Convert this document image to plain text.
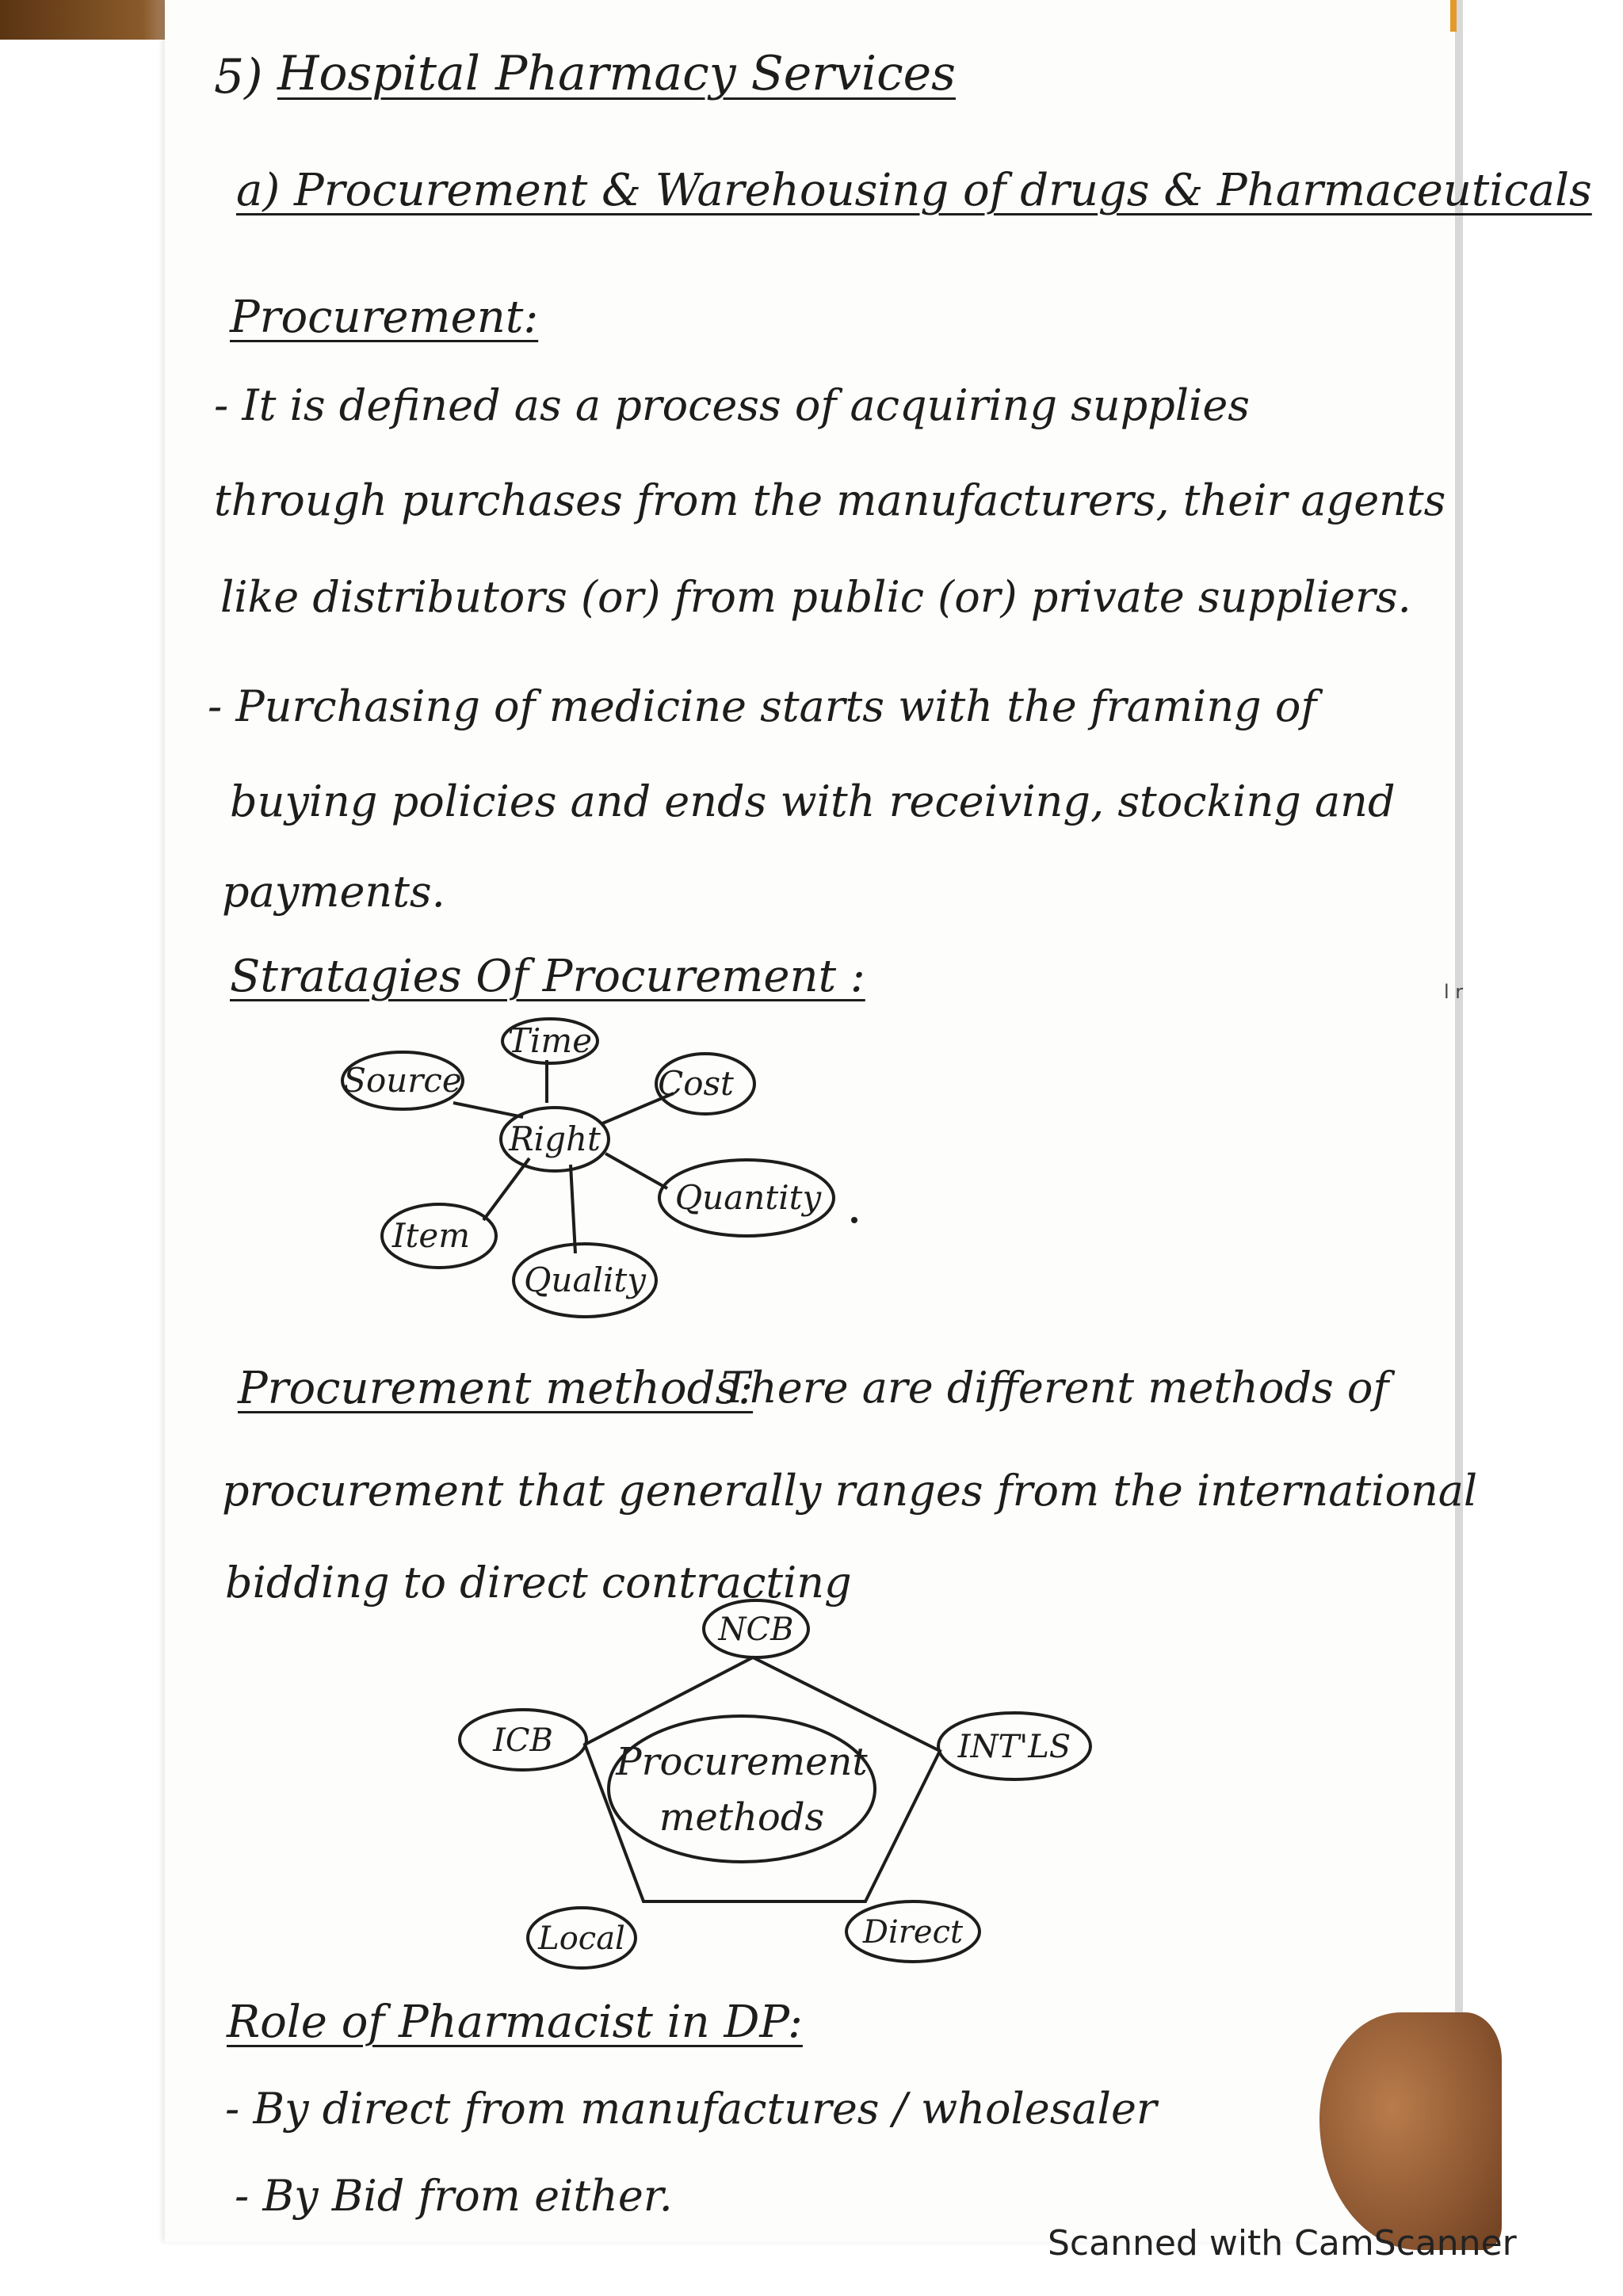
l r
5) Hospital Pharmacy Services
a) Procurement & Warehousing of drugs & Pharmaceuticals
Procurement:
- It is defined as a process of acquiring supplies
through purchases from the manufacturers, their agents
like distributors (or) from public (or) private suppliers.
- Purchasing of medicine starts with the framing of
buying policies and ends with receiving, stocking and
payments.
Stratagies Of Procurement :
Time
Source	Cost
Right
Quantity
Item
Quality
Procurement methods:
There are different methods of
procurement that generally ranges from the international
bidding to direct contracting
NCB
ICB	INT'LS
Local	Direct
Procurement
methods
Role of Pharmacist in DP:
- By direct from manufactures / wholesaler
- By Bid from either.
Scanned with CamScanner
